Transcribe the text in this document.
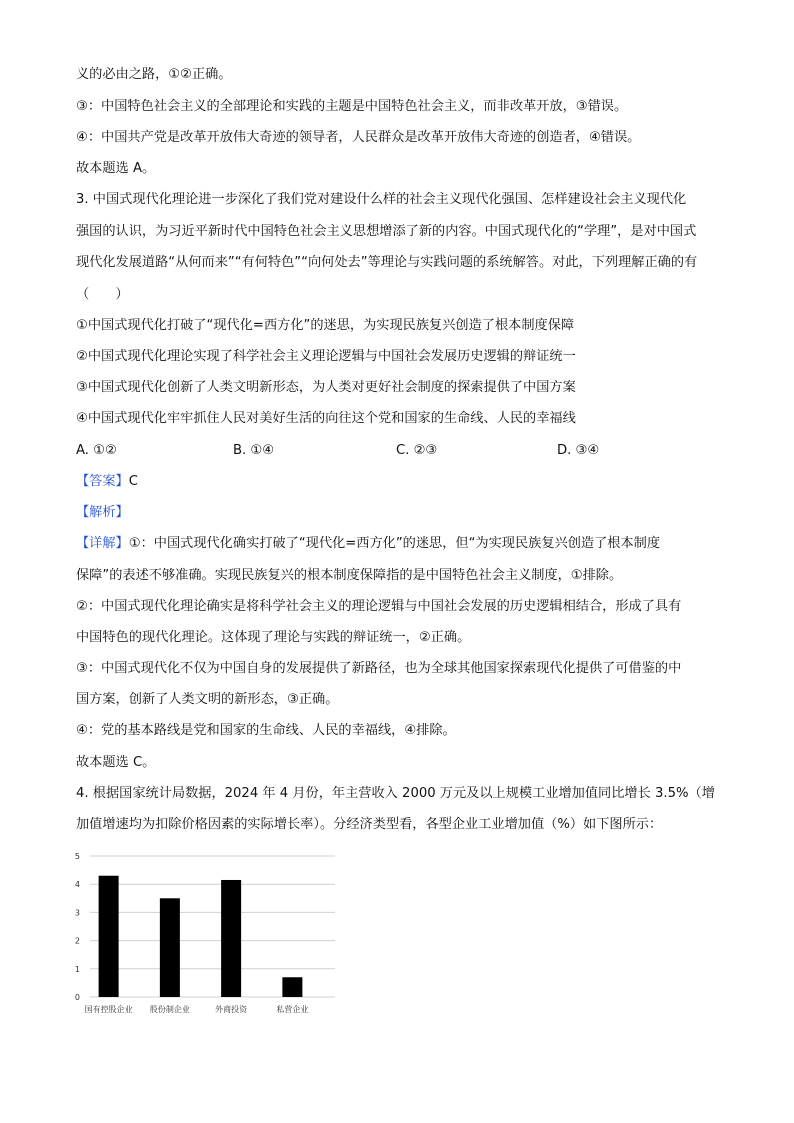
义的必由之路，①②正确。
③：中国特色社会主义的全部理论和实践的主题是中国特色社会主义，而非改革开放，③错误。
④：中国共产党是改革开放伟大奇迹的领导者，人民群众是改革开放伟大奇迹的创造者，④错误。
故本题选 A。
3. 中国式现代化理论进一步深化了我们党对建设什么样的社会主义现代化强国、怎样建设社会主义现代化
强国的认识，为习近平新时代中国特色社会主义思想增添了新的内容。中国式现代化的“学理”，是对中国式
现代化发展道路“从何而来”“有何特色”“向何处去”等理论与实践问题的系统解答。对此，下列理解正确的有
（　　）
①中国式现代化打破了“现代化=西方化”的迷思，为实现民族复兴创造了根本制度保障
②中国式现代化理论实现了科学社会主义理论逻辑与中国社会发展历史逻辑的辩证统一
③中国式现代化创新了人类文明新形态，为人类对更好社会制度的探索提供了中国方案
④中国式现代化牢牢抓住人民对美好生活的向往这个党和国家的生命线、人民的幸福线
A. ①②	B. ①④	C. ②③	D. ③④
【答案】C
【解析】
【详解】①：中国式现代化确实打破了“现代化=西方化”的迷思，但“为实现民族复兴创造了根本制度
保障”的表述不够准确。实现民族复兴的根本制度保障指的是中国特色社会主义制度，①排除。
②：中国式现代化理论确实是将科学社会主义的理论逻辑与中国社会发展的历史逻辑相结合，形成了具有
中国特色的现代化理论。这体现了理论与实践的辩证统一，②正确。
③：中国式现代化不仅为中国自身的发展提供了新路径，也为全球其他国家探索现代化提供了可借鉴的中
国方案，创新了人类文明的新形态，③正确。
④：党的基本路线是党和国家的生命线、人民的幸福线，④排除。
故本题选 C。
4. 根据国家统计局数据，2024 年 4 月份，年主营收入 2000 万元及以上规模工业增加值同比增长 3.5%（增
加值增速均为扣除价格因素的实际增长率）。分经济类型看，各型企业工业增加值（%）如下图所示：
0
1
2
3
4
5
国有控股企业 股份制企业	外商投资	私营企业
